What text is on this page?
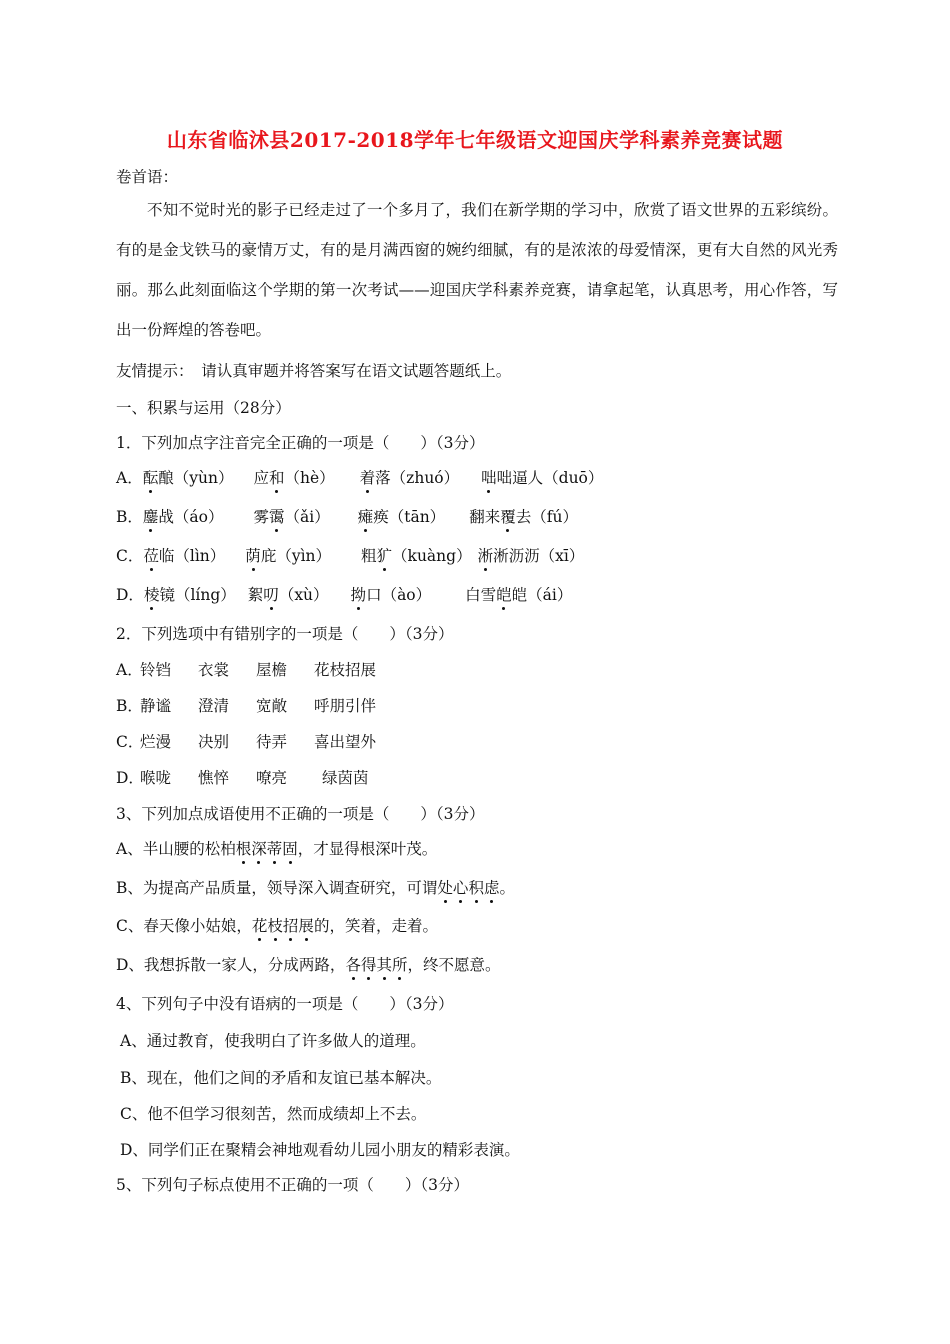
山东省临沭县2017-2018学年七年级语文迎国庆学科素养竞赛试题
卷首语：
不知不觉时光的影子已经走过了一个多月了，我们在新学期的学习中，欣赏了语文世界的五彩缤纷。有的是金戈铁马的豪情万丈，有的是月满西窗的婉约细腻，有的是浓浓的母爱情深，更有大自然的风光秀丽。那么此刻面临这个学期的第一次考试——迎国庆学科素养竞赛，请拿起笔，认真思考，用心作答，写出一份辉煌的答卷吧。
友情提示：　请认真审题并将答案写在语文试题答题纸上。
一、积累与运用（28分）
1．下列加点字注音完全正确的一项是（　　）（3分）
A．酝酿（yùn） 应和（hè） 着落（zhuó） 咄咄逼人（duō）
B．鏖战（áo） 雾霭（ǎi） 瘫痪（tān） 翻来覆去（fú）
C．莅临（lìn） 荫庇（yìn） 粗犷（kuàng） 淅淅沥沥（xī）
D．棱镜（líng） 絮叨（xù） 拗口（ào） 白雪皑皑（ái）
2．下列选项中有错别字的一项是（　　）（3分）
A．铃铛 衣裳 屋檐 花枝招展
B．静谧 澄清 宽敞 呼朋引伴
C．烂漫 决别 待弄 喜出望外
D．喉咙 憔悴 嘹亮 绿茵茵
3、下列加点成语使用不正确的一项是（　　）（3分）
A、半山腰的松柏根深蒂固，才显得根深叶茂。
B、为提高产品质量，领导深入调查研究，可谓处心积虑。
C、春天像小姑娘，花枝招展的，笑着，走着。
D、我想拆散一家人，分成两路，各得其所，终不愿意。
4、下列句子中没有语病的一项是（　　）（3分）
A、通过教育，使我明白了许多做人的道理。
B、现在，他们之间的矛盾和友谊已基本解决。
C、他不但学习很刻苦，然而成绩却上不去。
D、同学们正在聚精会神地观看幼儿园小朋友的精彩表演。
5、下列句子标点使用不正确的一项（　　）（3分）
